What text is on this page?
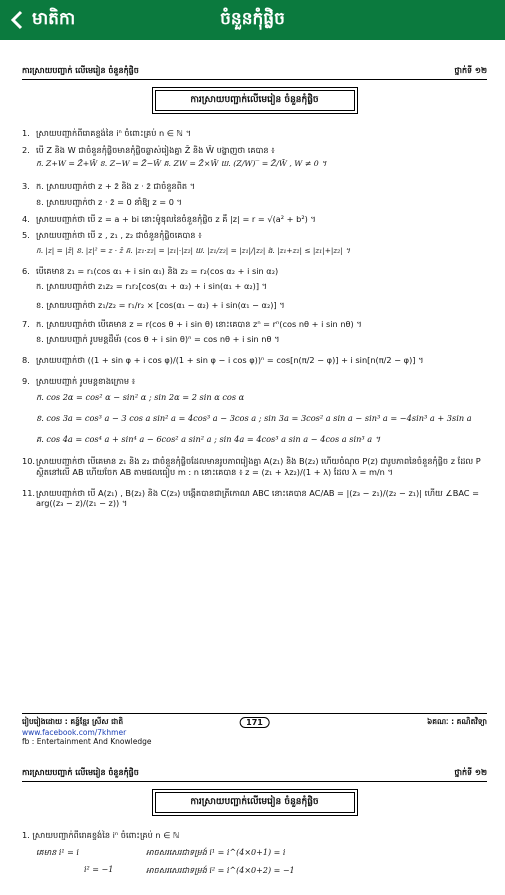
មាតិកា	ចំនួនកុំផ្លិច
ការស្រាយបញ្ជាក់ លើមេរៀន ចំនួនកុំផ្លិច	ថ្នាក់ទី ១២
ការស្រាយបញ្ជាក់លើមេរៀន ចំនួនកុំផ្លិច
1. ស្រាយបញ្ជាក់ពីរោគខ្ទង់នៃ iⁿ ចំពោះគ្រប់ n ∈ ℕ ។
2. បើ Z និង W ជាចំនួនកុំផ្លិចមាន​កុំផ្លិចឆ្លាស់រៀងគ្នា Z̄ និង W̄ បង្ហាញថា គេបាន ៖
ក. Z+W = Z̄+W̄ ខ. Z−W = Z̄−W̄ គ. ZW = Z̄×W̄ ឃ. (Z/W)‾ = Z̄/W̄ , W ≠ 0 ។
3. ក. ស្រាយបញ្ជាក់ថា z + z̄ និង z · z̄ ជាចំនួនពិត ។
ខ. ស្រាយបញ្ជាក់ថា z · z̄ = 0 នាំឱ្យ z = 0 ។
4. ស្រាយបញ្ជាក់ថា បើ z = a + bi នោះម៉ូឌុលនៃចំនួនកុំផ្លិច z គឺ |z| = r = √(a² + b²) ។
5. ស្រាយបញ្ជាក់ថា បើ z , z₁ , z₂ ជាចំនួនកុំផ្លិចគេបាន ៖
ក. |z| = |z̄| ខ. |z|² = z · z̄ គ. |z₁·z₂| = |z₁|·|z₂| ឃ. |z₁/z₂| = |z₁|/|z₂| ង. |z₁+z₂| ≤ |z₁|+|z₂| ។
6. បើគេមាន z₁ = r₁(cos α₁ + i sin α₁) និង z₂ = r₂(cos α₂ + i sin α₂)
ក. ស្រាយបញ្ជាក់ថា z₁z₂ = r₁r₂[cos(α₁ + α₂) + i sin(α₁ + α₂)] ។
ខ. ស្រាយបញ្ជាក់ថា z₁/z₂ = r₁/r₂ × [cos(α₁ − α₂) + i sin(α₁ − α₂)] ។
7. ក. ស្រាយបញ្ជាក់ថា បើគេមាន z = r(cos θ + i sin θ) នោះគេបាន zⁿ = rⁿ(cos nθ + i sin nθ) ។
ខ. ស្រាយបញ្ជាក់ រូបមន្តដឺម័រ (cos θ + i sin θ)ⁿ = cos nθ + i sin nθ ។
8. ស្រាយបញ្ជាក់ថា ((1 + sin φ + i cos φ)/(1 + sin φ − i cos φ))ⁿ = cos[n(π/2 − φ)] + i sin[n(π/2 − φ)] ។
9. ស្រាយបញ្ជាក់ រូបមន្តខាងក្រោម ៖
ក. cos 2α = cos² α − sin² α ; sin 2α = 2 sin α cos α
ខ. cos 3a = cos³ a − 3 cos a sin² a = 4cos³ a − 3cos a ; sin 3a = 3cos² a sin a − sin³ a = −4sin³ a + 3sin a
គ. cos 4a = cos⁴ a + sin⁴ a − 6cos² a sin² a ; sin 4a = 4cos³ a sin a − 4cos a sin³ a ។
10. ស្រាយបញ្ជាក់ថា បើគេមាន z₁ និង z₂ ជាចំនួនកុំផ្លិចដែលមានរូបភាពរៀងគ្នា A(z₁) និង B(z₂) ហើយចំណុច P(z) ជារូបភាពនៃចំនួនកុំផ្លិច z ដែល P ស្ថិតនៅលើ AB ហើយចែក AB តាមផលធៀប m : n នោះគេបាន ៖ z = (z₁ + λz₂)/(1 + λ) ដែល λ = m/n ។
11. ស្រាយបញ្ជាក់ថា បើ A(z₁) , B(z₂) និង C(z₃) បង្កើតបានជាត្រីកោណ ABC នោះគេបាន AC/AB = |(z₃ − z₁)/(z₂ − z₁)| ហើយ ∠BAC = arg((z₃ − z)/(z₁ − z)) ។
រៀបរៀងដោយ : គន្ធ៍ខ្មែរ ស្រីស ជាតិ	171	៦គណៈ : គណិតវិទ្យា
www.facebook.com/7khmer
fb : Entertainment And Knowledge
ការស្រាយបញ្ជាក់ លើមេរៀន ចំនួនកុំផ្លិច	ថ្នាក់ទី ១២
ការស្រាយបញ្ជាក់លើមេរៀន ចំនួនកុំផ្លិច
1. ស្រាយបញ្ជាក់ពីរោគខ្ទង់នៃ iⁿ ចំពោះគ្រប់ n ∈ ℕ
គេមាន i¹ = i	អាចសរសេរជាទម្រង់ i¹ = i^(4×0+1) = i
i² = −1	អាចសរសេរជាទម្រង់ i² = i^(4×0+2) = −1
